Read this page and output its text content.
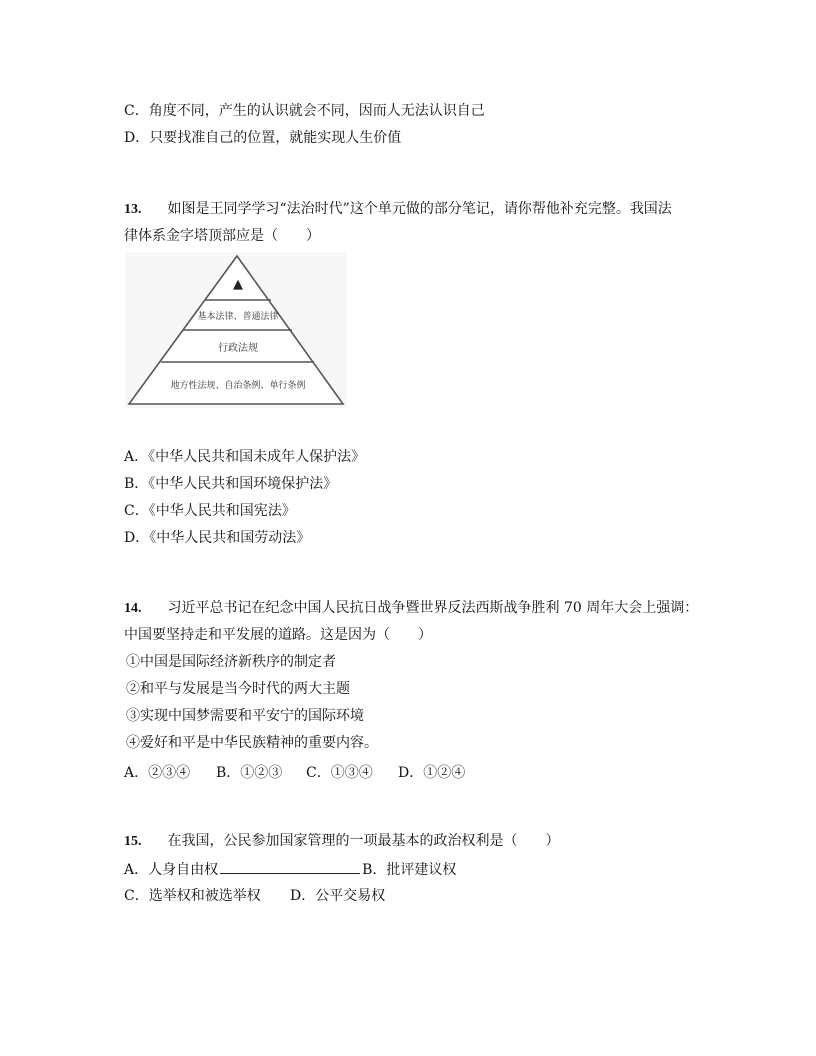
C．角度不同，产生的认识就会不同，因而人无法认识自己
D．只要找准自己的位置，就能实现人生价值
13. 如图是王同学学习“法治时代”这个单元做的部分笔记，请你帮他补充完整。我国法
律体系金字塔顶部应是（　　）
▲
基本法律、普通法律
行政法规
地方性法规、自治条例、单行条例
A．《中华人民共和国未成年人保护法》
B．《中华人民共和国环境保护法》
C．《中华人民共和国宪法》
D．《中华人民共和国劳动法》
14. 习近平总书记在纪念中国人民抗日战争暨世界反法西斯战争胜利 70 周年大会上强调：
中国要坚持走和平发展的道路。这是因为（　　）
①中国是国际经济新秩序的制定者
②和平与发展是当今时代的两大主题
③实现中国梦需要和平安宁的国际环境
④爱好和平是中华民族精神的重要内容。
A．②③④ B．①②③ C．①③④ D．①②④
15. 在我国，公民参加国家管理的一项最基本的政治权利是（　　）
A．人身自由权	B．批评建议权
C．选举权和被选举权 D．公平交易权
